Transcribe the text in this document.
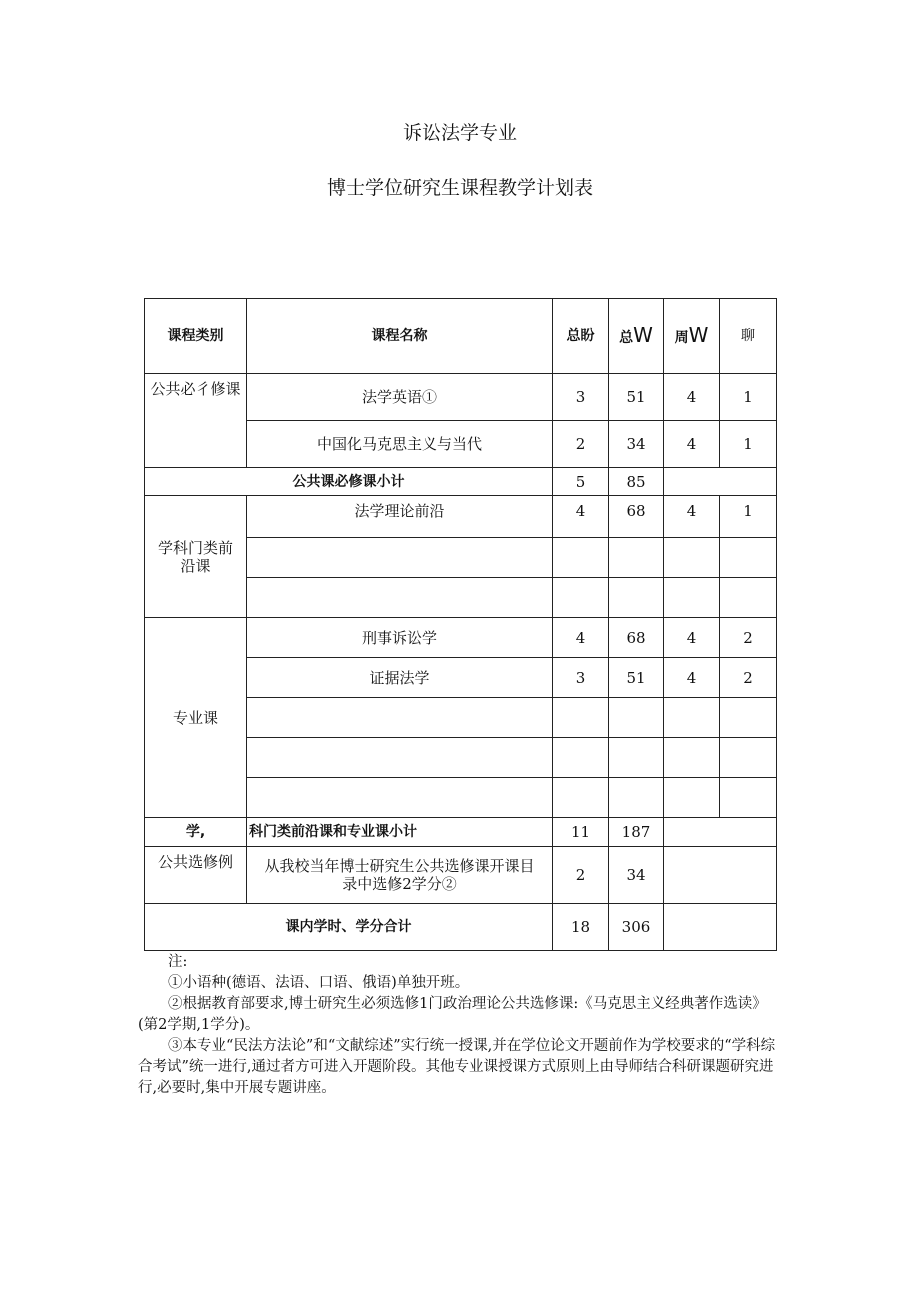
诉讼法学专业
博士学位研究生课程教学计划表
课程类别	课程名称	总盼	总W	周W	聊
公共必彳修课	法学英语①	3	51	4	1
	中国化马克思主义与当代	2	34	4	1
公共课必修课小计		5	85		
学科门类前沿课	法学理论前沿	4	68	4	1

专业课	刑事诉讼学	4	68	4	2
	证据法学	3	51	4	2

学,	科门类前沿课和专业课小计	11	187		
公共选修例	从我校当年博士研究生公共选修课开课目录中选修2学分②	2	34		
课内学时、学分合计		18	306		

注:

①小语种(德语、法语、口语、俄语)单独开班。

②根据教育部要求,博士研究生必须选修1门政治理论公共选修课:《马克思主义经典著作选读》(第2学期,1学分)。

③本专业“民法方法论”和“文献综述”实行统一授课,并在学位论文开题前作为学校要求的“学科综合考试”统一进行,通过者方可进入开题阶段。其他专业课授课方式原则上由导师结合科研课题研究进行,必要时,集中开展专题讲座。
